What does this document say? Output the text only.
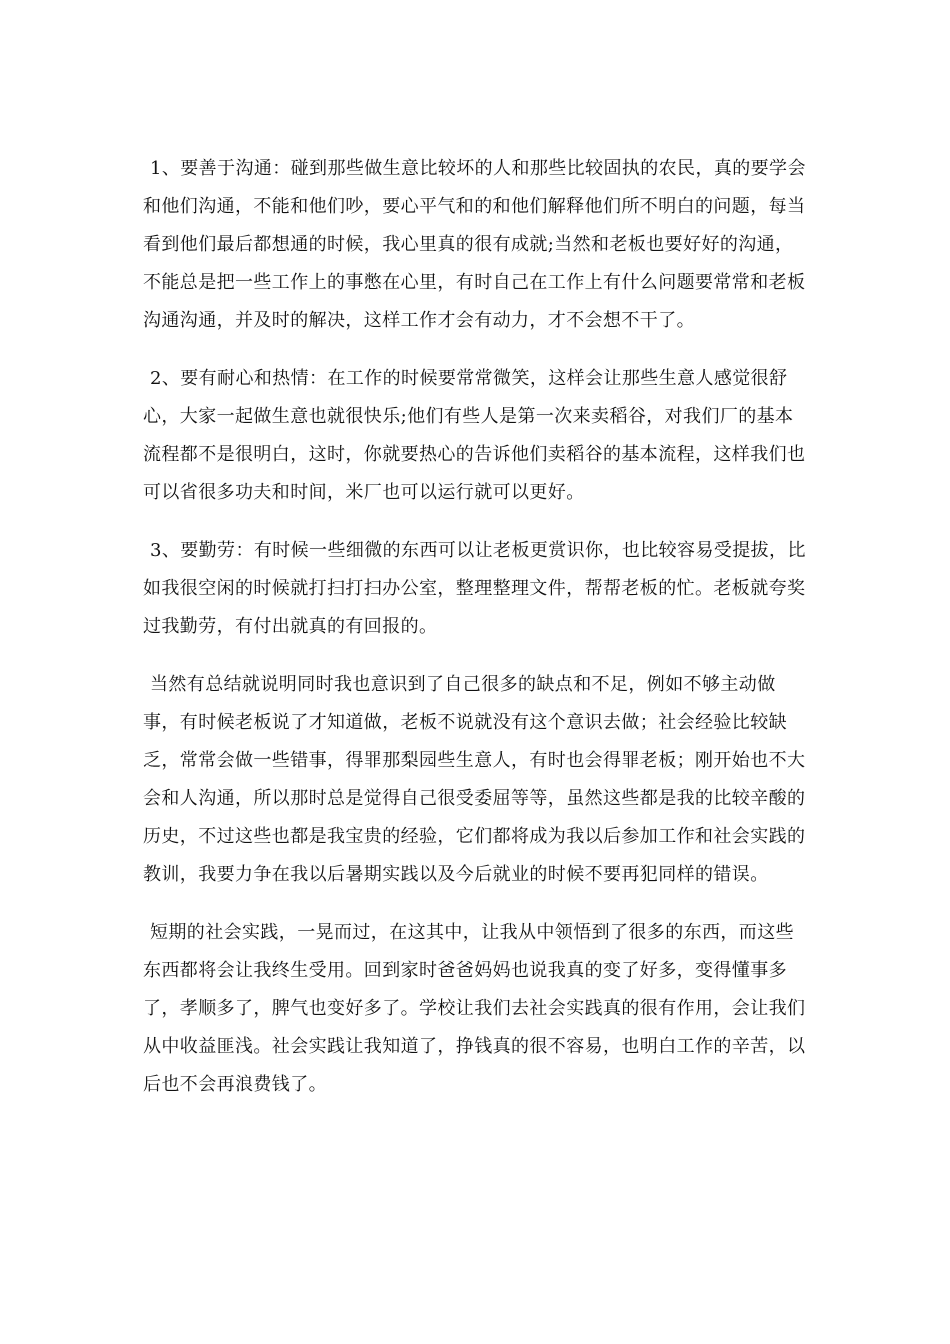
1、要善于沟通：碰到那些做生意比较坏的人和那些比较固执的农民，真的要学会和他们沟通，不能和他们吵，要心平气和的和他们解释他们所不明白的问题，每当看到他们最后都想通的时候，我心里真的很有成就;当然和老板也要好好的沟通，不能总是把一些工作上的事憋在心里，有时自己在工作上有什么问题要常常和老板沟通沟通，并及时的解决，这样工作才会有动力，才不会想不干了。

2、要有耐心和热情：在工作的时候要常常微笑，这样会让那些生意人感觉很舒心，大家一起做生意也就很快乐;他们有些人是第一次来卖稻谷，对我们厂的基本流程都不是很明白，这时，你就要热心的告诉他们卖稻谷的基本流程，这样我们也可以省很多功夫和时间，米厂也可以运行就可以更好。

3、要勤劳：有时候一些细微的东西可以让老板更赏识你，也比较容易受提拔，比如我很空闲的时候就打扫打扫办公室，整理整理文件，帮帮老板的忙。老板就夸奖过我勤劳，有付出就真的有回报的。

当然有总结就说明同时我也意识到了自己很多的缺点和不足，例如不够主动做事，有时候老板说了才知道做，老板不说就没有这个意识去做；社会经验比较缺乏，常常会做一些错事，得罪那梨园些生意人，有时也会得罪老板；刚开始也不大会和人沟通，所以那时总是觉得自己很受委屈等等，虽然这些都是我的比较辛酸的历史，不过这些也都是我宝贵的经验，它们都将成为我以后参加工作和社会实践的教训，我要力争在我以后暑期实践以及今后就业的时候不要再犯同样的错误。

短期的社会实践，一晃而过，在这其中，让我从中领悟到了很多的东西，而这些东西都将会让我终生受用。回到家时爸爸妈妈也说我真的变了好多，变得懂事多了，孝顺多了，脾气也变好多了。学校让我们去社会实践真的很有作用，会让我们从中收益匪浅。社会实践让我知道了，挣钱真的很不容易，也明白工作的辛苦，以后也不会再浪费钱了。
